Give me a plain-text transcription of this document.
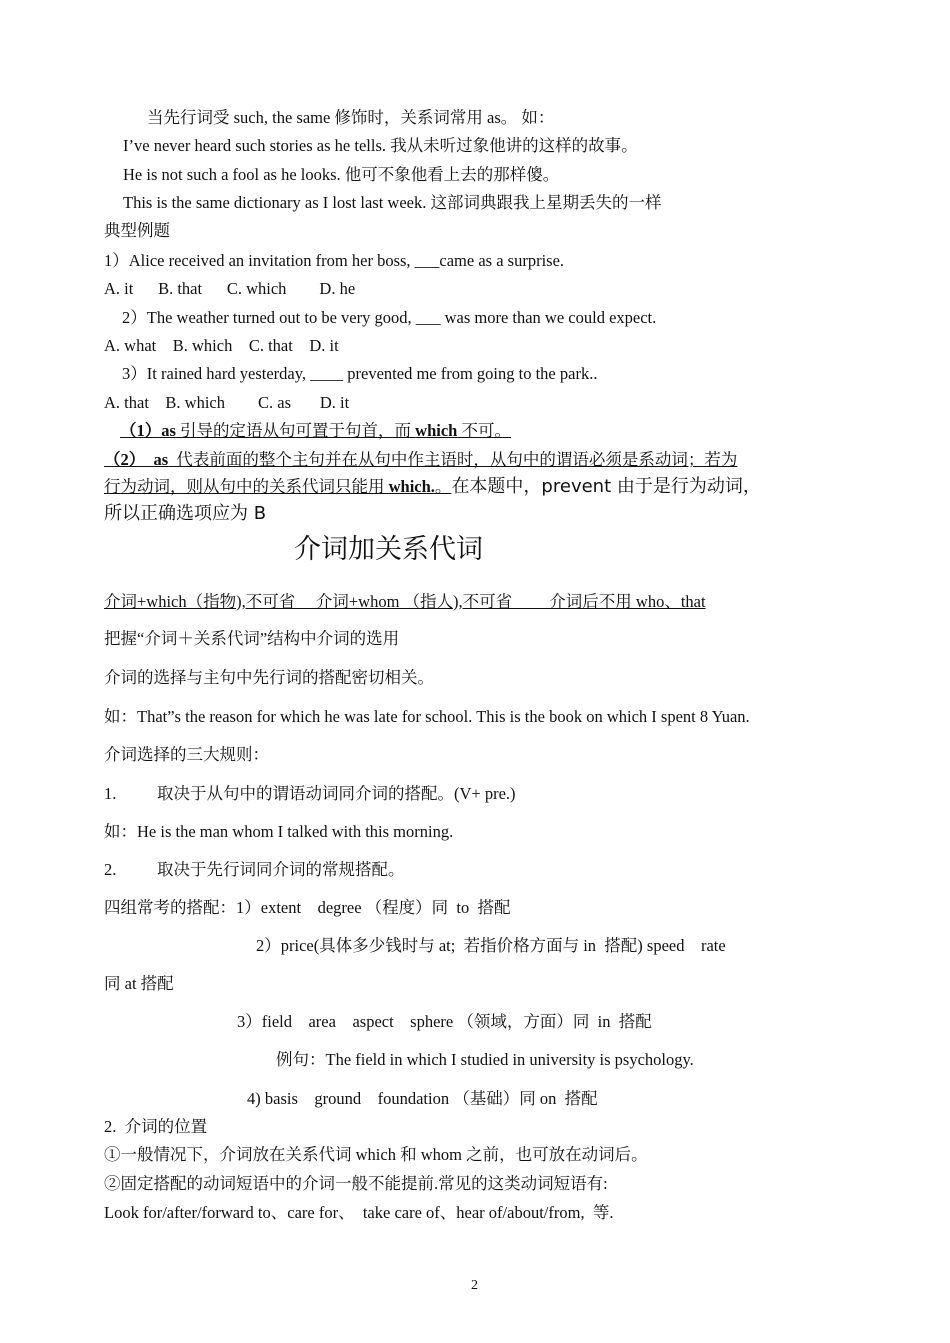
当先行词受 such, the same 修饰时，关系词常用 as。 如：
I’ve never heard such stories as he tells. 我从未听过象他讲的这样的故事。
He is not such a fool as he looks. 他可不象他看上去的那样傻。
This is the same dictionary as I lost last week. 这部词典跟我上星期丢失的一样
典型例题
1）Alice received an invitation from her boss, ___came as a surprise.
A. it      B. that      C. which        D. he
2）The weather turned out to be very good, ___ was more than we could expect.
A. what    B. which    C. that    D. it
3）It rained hard yesterday, ____ prevented me from going to the park..
A. that    B. which        C. as       D. it
（1）as 引导的定语从句可置于句首，而 which 不可。
（2）  as  代表前面的整个主句并在从句中作主语时，从句中的谓语必须是系动词；若为
行为动词，则从句中的关系代词只能用 which.。在本题中，prevent 由于是行为动词，
所以正确选项应为 B
介词加关系代词
介词+which（指物),不可省     介词+whom （指人),不可省         介词后不用 who、that
把握“介词＋关系代词”结构中介词的选用
介词的选择与主句中先行词的搭配密切相关。
如：That”s the reason for which he was late for school. This is the book on which I spent 8 Yuan.
介词选择的三大规则：
1. 取决于从句中的谓语动词同介词的搭配。(V+ pre.)
如：He is the man whom I talked with this morning.
2. 取决于先行词同介词的常规搭配。
四组常考的搭配：1）extent    degree （程度）同  to  搭配
2）price(具体多少钱时与 at;  若指价格方面与 in  搭配) speed    rate
同 at 搭配
3）field    area    aspect    sphere （领域，方面）同  in  搭配
例句：The field in which I studied in university is psychology.
4) basis    ground    foundation （基础）同 on  搭配
2.  介词的位置
①一般情况下，介词放在关系代词 which 和 whom 之前，也可放在动词后。
②固定搭配的动词短语中的介词一般不能提前.常见的这类动词短语有:
Look for/after/forward to、care for、  take care of、hear of/about/from,  等.
2
